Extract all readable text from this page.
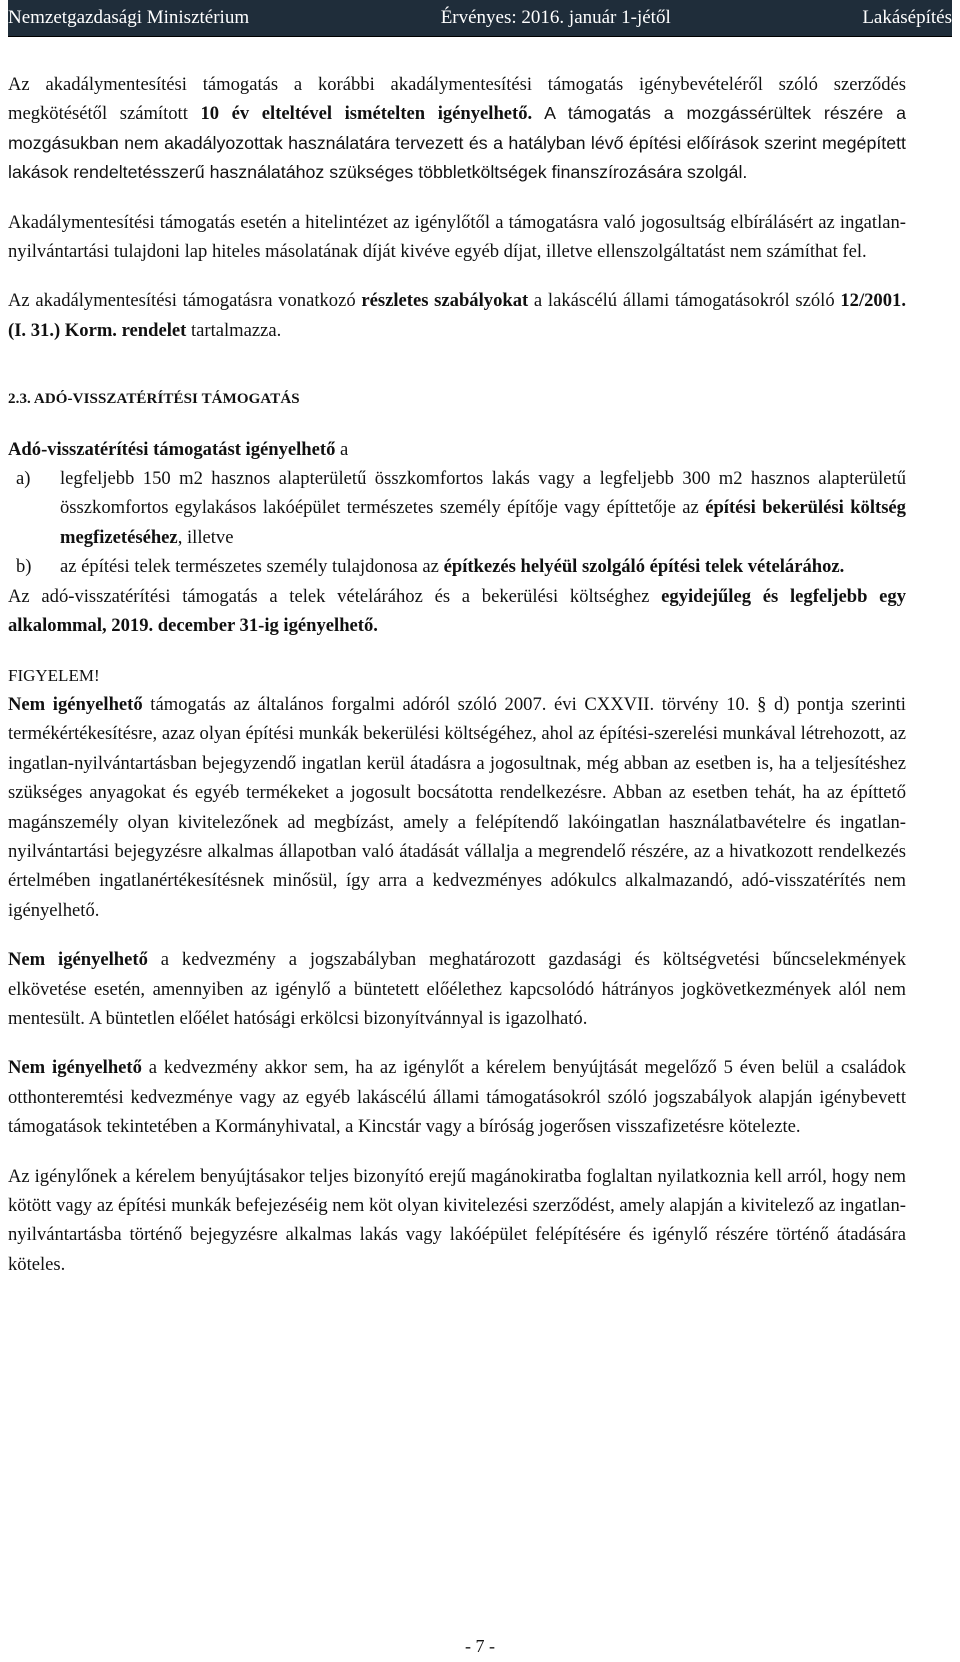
Nemzetgazdasági Minisztérium	Érvényes: 2016. január 1-jétől	Lakásépítés

Az akadálymentesítési támogatás a korábbi akadálymentesítési támogatás igénybevételéről szóló szerződés megkötésétől számított 10 év elteltével ismételten igényelhető. A támogatás a mozgássérültek részére a mozgásukban nem akadályozottak használatára tervezett és a hatályban lévő építési előírások szerint megépített lakások rendeltetésszerű használatához szükséges többletköltségek finanszírozására szolgál.

Akadálymentesítési támogatás esetén a hitelintézet az igénylőtől a támogatásra való jogosultság elbírálásért az ingatlan-nyilvántartási tulajdoni lap hiteles másolatának díját kivéve egyéb díjat, illetve ellenszolgáltatást nem számíthat fel.

Az akadálymentesítési támogatásra vonatkozó részletes szabályokat a lakáscélú állami támogatásokról szóló 12/2001. (I. 31.) Korm. rendelet tartalmazza.

2.3. ADÓ-VISSZATÉRÍTÉSI TÁMOGATÁS

Adó-visszatérítési támogatást igényelhető a

a)	legfeljebb 150 m2 hasznos alapterületű összkomfortos lakás vagy a legfeljebb 300 m2 hasznos alapterületű összkomfortos egylakásos lakóépület természetes személy építője vagy építtetője az építési bekerülési költség megfizetéséhez, illetve
b)	az építési telek természetes személy tulajdonosa az építkezés helyéül szolgáló építési telek vételárához.

Az adó-visszatérítési támogatás a telek vételárához és a bekerülési költséghez egyidejűleg és legfeljebb egy alkalommal, 2019. december 31-ig igényelhető.

FIGYELEM!

Nem igényelhető támogatás az általános forgalmi adóról szóló 2007. évi CXXVII. törvény 10. § d) pontja szerinti termékértékesítésre, azaz olyan építési munkák bekerülési költségéhez, ahol az építési-szerelési munkával létrehozott, az ingatlan-nyilvántartásban bejegyzendő ingatlan kerül átadásra a jogosultnak, még abban az esetben is, ha a teljesítéshez szükséges anyagokat és egyéb termékeket a jogosult bocsátotta rendelkezésre. Abban az esetben tehát, ha az építtető magánszemély olyan kivitelezőnek ad megbízást, amely a felépítendő lakóingatlan használatbavételre és ingatlan-nyilvántartási bejegyzésre alkalmas állapotban való átadását vállalja a megrendelő részére, az a hivatkozott rendelkezés értelmében ingatlanértékesítésnek minősül, így arra a kedvezményes adókulcs alkalmazandó, adó-visszatérítés nem igényelhető.

Nem igényelhető a kedvezmény a jogszabályban meghatározott gazdasági és költségvetési bűncselekmények elkövetése esetén, amennyiben az igénylő a büntetett előélethez kapcsolódó hátrányos jogkövetkezmények alól nem mentesült. A büntetlen előélet hatósági erkölcsi bizonyítvánnyal is igazolható.

Nem igényelhető a kedvezmény akkor sem, ha az igénylőt a kérelem benyújtását megelőző 5 éven belül a családok otthonteremtési kedvezménye vagy az egyéb lakáscélú állami támogatásokról szóló jogszabályok alapján igénybevett támogatások tekintetében a Kormányhivatal, a Kincstár vagy a bíróság jogerősen visszafizetésre kötelezte.

Az igénylőnek a kérelem benyújtásakor teljes bizonyító erejű magánokiratba foglaltan nyilatkoznia kell arról, hogy nem kötött vagy az építési munkák befejezéséig nem köt olyan kivitelezési szerződést, amely alapján a kivitelező az ingatlan-nyilvántartásba történő bejegyzésre alkalmas lakás vagy lakóépület felépítésére és igénylő részére történő átadására köteles.

- 7 -
